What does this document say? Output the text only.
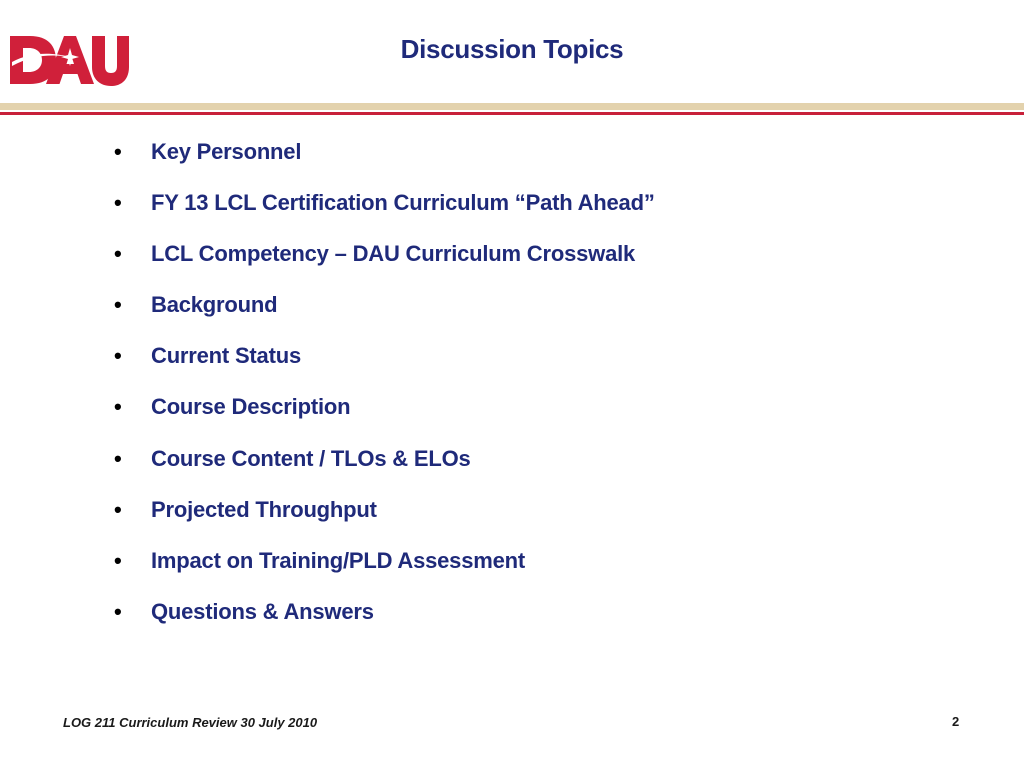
Discussion Topics
• Key Personnel
• FY 13 LCL Certification Curriculum “Path Ahead”
• LCL Competency – DAU Curriculum Crosswalk
• Background
• Current Status
• Course Description
• Course Content / TLOs & ELOs
• Projected Throughput
• Impact on Training/PLD Assessment
• Questions & Answers
LOG 211 Curriculum Review 30 July 2010	2
